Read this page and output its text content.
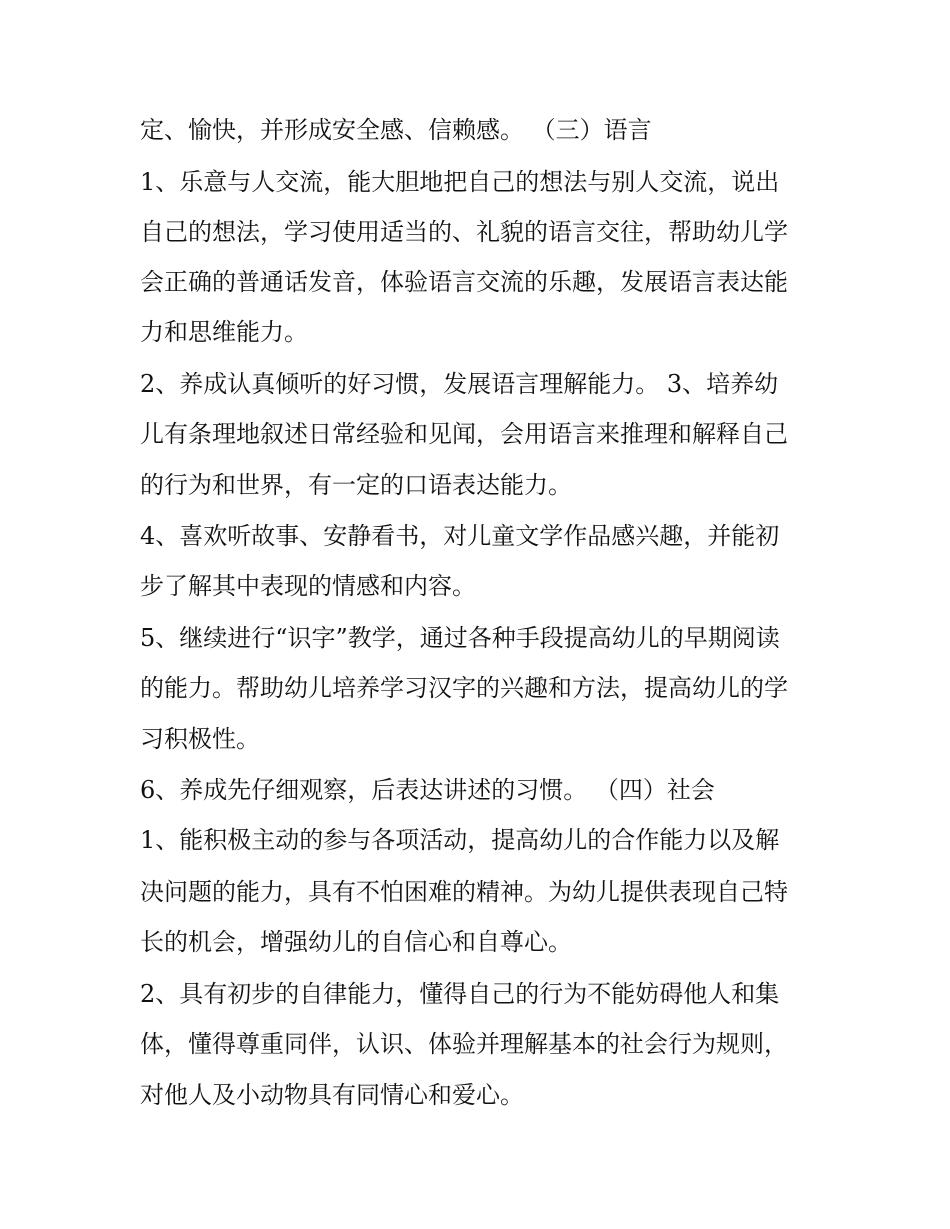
定、愉快，并形成安全感、信赖感。 （三）语言
1、乐意与人交流，能大胆地把自己的想法与别人交流，说出
自己的想法，学习使用适当的、礼貌的语言交往，帮助幼儿学
会正确的普通话发音，体验语言交流的乐趣，发展语言表达能
力和思维能力。
2、养成认真倾听的好习惯，发展语言理解能力。 3、培养幼
儿有条理地叙述日常经验和见闻，会用语言来推理和解释自己
的行为和世界，有一定的口语表达能力。
4、喜欢听故事、安静看书，对儿童文学作品感兴趣，并能初
步了解其中表现的情感和内容。
5、继续进行“识字”教学，通过各种手段提高幼儿的早期阅读
的能力。帮助幼儿培养学习汉字的兴趣和方法，提高幼儿的学
习积极性。
6、养成先仔细观察，后表达讲述的习惯。 （四）社会
1、能积极主动的参与各项活动，提高幼儿的合作能力以及解
决问题的能力，具有不怕困难的精神。为幼儿提供表现自己特
长的机会，增强幼儿的自信心和自尊心。
2、具有初步的自律能力，懂得自己的行为不能妨碍他人和集
体，懂得尊重同伴，认识、体验并理解基本的社会行为规则，
对他人及小动物具有同情心和爱心。
